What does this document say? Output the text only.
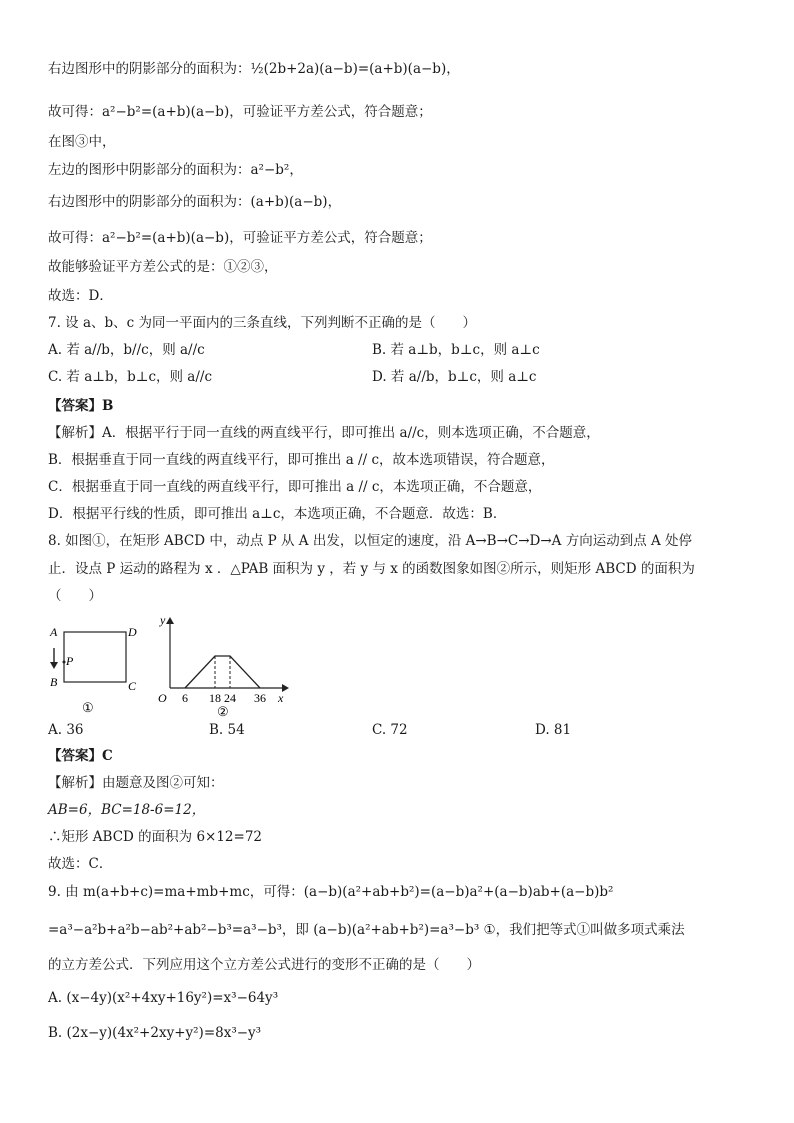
右边图形中的阴影部分的面积为：½(2b+2a)(a−b)=(a+b)(a−b)，
故可得：a²−b²=(a+b)(a−b)，可验证平方差公式，符合题意；
在图③中，
左边的图形中阴影部分的面积为：a²−b²，
右边图形中的阴影部分的面积为：(a+b)(a−b)，
故可得：a²−b²=(a+b)(a−b)，可验证平方差公式，符合题意；
故能够验证平方差公式的是：①②③，
故选：D．
7. 设 a、b、c 为同一平面内的三条直线，下列判断不正确的是（　　）
A. 若 a//b，b//c，则 a//c	B. 若 a⊥b，b⊥c，则 a⊥c
C. 若 a⊥b，b⊥c，则 a//c	D. 若 a//b，b⊥c，则 a⊥c
【答案】B
【解析】A．根据平行于同一直线的两直线平行，即可推出 a//c，则本选项正确，不合题意，
B．根据垂直于同一直线的两直线平行，即可推出 a // c，故本选项错误，符合题意，
C．根据垂直于同一直线的两直线平行，即可推出 a // c，本选项正确，不合题意，
D．根据平行线的性质，即可推出 a⊥c，本选项正确，不合题意．故选：B．
8. 如图①，在矩形 ABCD 中，动点 P 从 A 出发，以恒定的速度，沿 A→B→C→D→A 方向运动到点 A 处停
止．设点 P 运动的路程为 x ．△PAB 面积为 y ，若 y 与 x 的函数图象如图②所示，则矩形 ABCD 的面积为
（　　）
A	D
B	C
P
①
y
x
O 6 18 24 36
②
A. 36	B. 54	C. 72	D. 81
【答案】C
【解析】由题意及图②可知：
AB=6，BC=18-6=12，
∴矩形 ABCD 的面积为 6×12=72
故选：C．
9. 由 m(a+b+c)=ma+mb+mc，可得：(a−b)(a²+ab+b²)=(a−b)a²+(a−b)ab+(a−b)b²
=a³−a²b+a²b−ab²+ab²−b³=a³−b³，即 (a−b)(a²+ab+b²)=a³−b³ ①，我们把等式①叫做多项式乘法
的立方差公式．下列应用这个立方差公式进行的变形不正确的是（　　）
A. (x−4y)(x²+4xy+16y²)=x³−64y³
B. (2x−y)(4x²+2xy+y²)=8x³−y³
